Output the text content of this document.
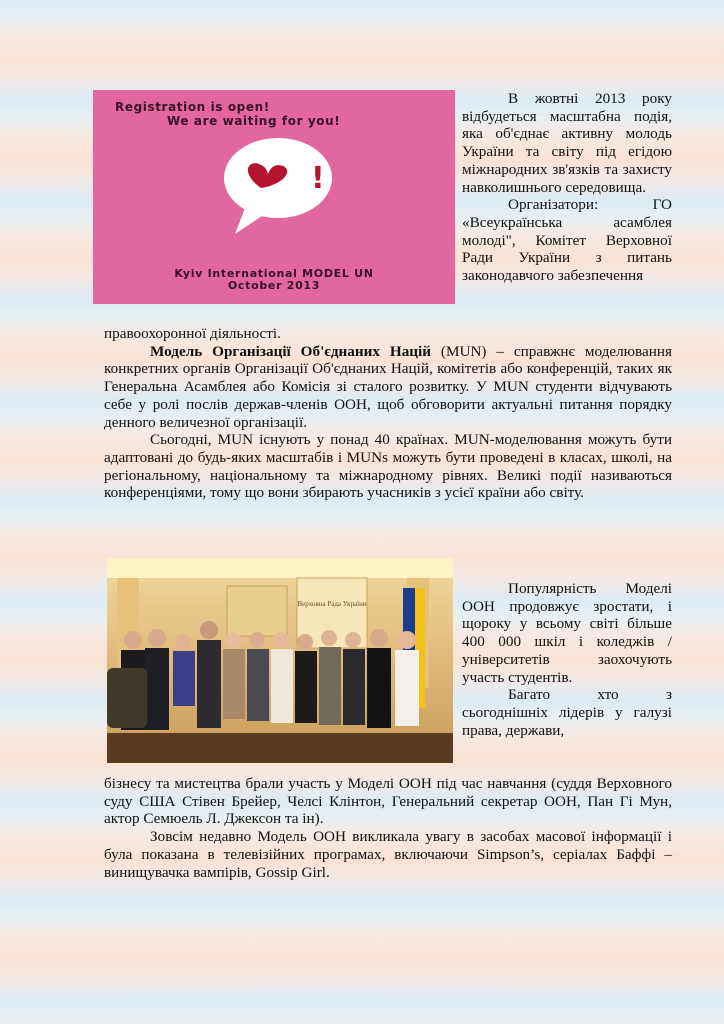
Registration is open!
We are waiting for you!
!
Kyiv International MODEL UN
October 2013

В жовтні 2013 року відбудеться масштабна подія, яка об'єднає активну молодь України та світу під егідою міжнародних зв'язків та захисту навколишнього середовища.

Організатори: ГО «Всеукраїнська асамблея молоді", Комітет Верховної Ради України з питань законодавчого забезпечення

правоохоронної діяльності.

Модель Організації Об'єднаних Націй (MUN) – справжнє моделювання конкретних органів Організації Об'єднаних Націй, комітетів або конференцій, таких як Генеральна Асамблея або Комісія зі сталого розвитку. У MUN студенти відчувають себе у ролі послів держав-членів ООН, щоб обговорити актуальні питання порядку денного величезної організації.

Сьогодні, MUN існують у понад 40 країнах. MUN-моделювання можуть бути адаптовані до будь-яких масштабів і MUNs можуть бути проведені в класах, школі, на регіональному, національному та міжнародному рівнях. Великі події називаються конференціями, тому що вони збирають учасників з усієї країни або світу.

Верховна Рада України

Популярність Моделі ООН продовжує зростати, і щороку у всьому світі більше 400 000 шкіл і коледжів / університетів заохочують участь студентів.

Багато хто з сьогоднішніх лідерів у галузі права, держави,

бізнесу та мистецтва брали участь у Моделі ООН під час навчання (суддя Верховного суду США Стівен Брейер, Челсі Клінтон, Генеральний секретар ООН, Пан Гі Мун, актор Семюель Л. Джексон та ін).

Зовсім недавно Модель ООН викликала увагу в засобах масової інформації і була показана в телевізійних програмах, включаючи Simpson’s, серіалах Баффі – винищувачка вампірів, Gossip Girl.
